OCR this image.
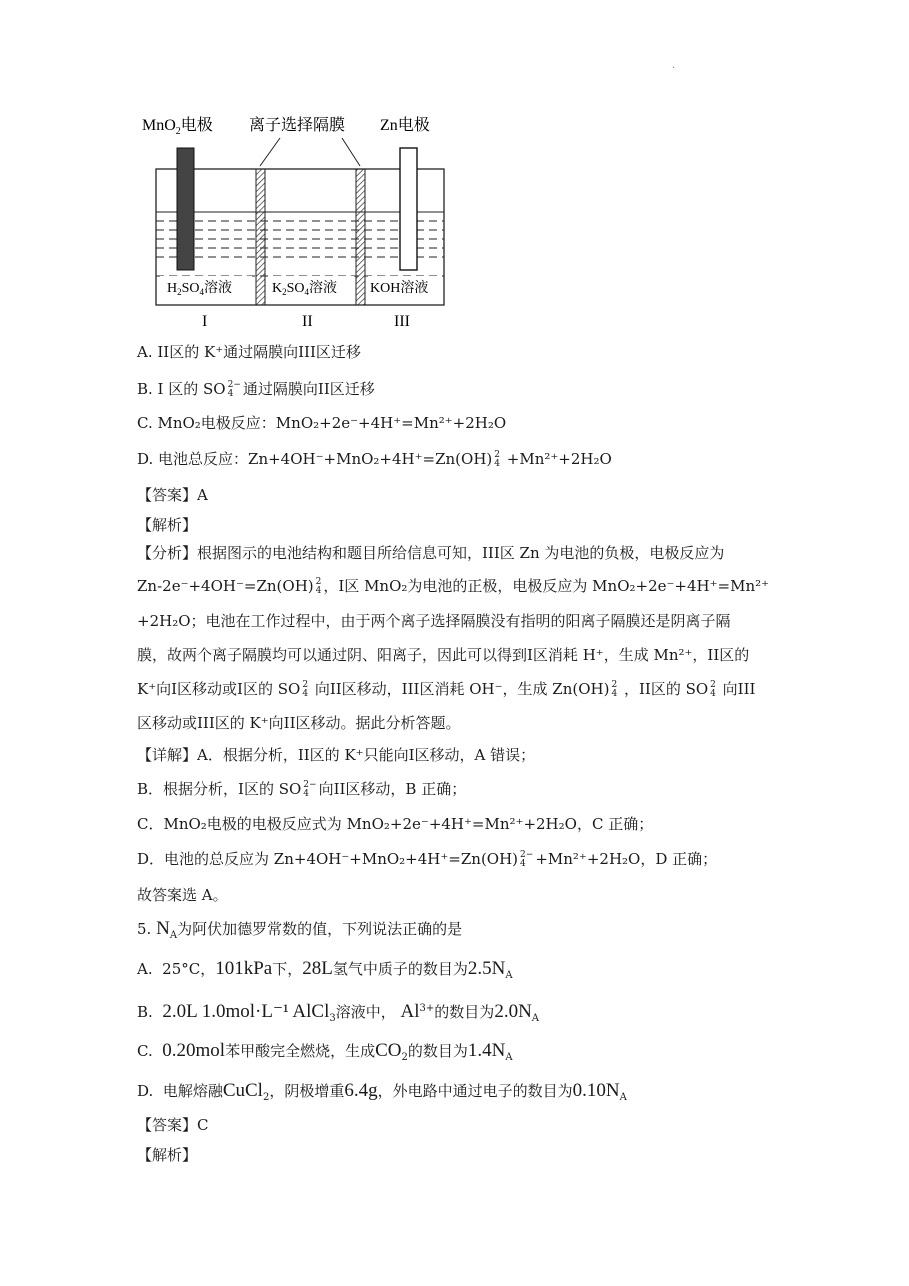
.
MnO$_2$电极 离子选择隔膜 Zn电极
$H_2SO_4$溶液	$K_2SO_4$溶液 KOH溶液
I	II	III
A. II区的 K⁺通过隔膜向III区迁移
B. I 区的 SO 2−
4 通过隔膜向II区迁移
C. MnO₂电极反应：MnO₂+2e⁻+4H⁺=Mn²⁺+2H₂O
D. 电池总反应：Zn+4OH⁻+MnO₂+4H⁺=Zn(OH) 2
4 +Mn²⁺+2H₂O
【答案】A
【解析】
【分析】根据图示的电池结构和题目所给信息可知，III区 Zn 为电池的负极，电极反应为
Zn-2e⁻+4OH⁻=Zn(OH) 2
4 ，I区 MnO₂为电池的正极，电极反应为 MnO₂+2e⁻+4H⁺=Mn²⁺
+2H₂O；电池在工作过程中，由于两个离子选择隔膜没有指明的阳离子隔膜还是阴离子隔
膜，故两个离子隔膜均可以通过阴、阳离子，因此可以得到I区消耗 H⁺，生成 Mn²⁺，II区的
K⁺向I区移动或I区的 SO 2
4 向II区移动，III区消耗 OH⁻，生成 Zn(OH) 2
4 ，II区的 SO 2
4 向III
区移动或III区的 K⁺向II区移动。据此分析答题。
【详解】A．根据分析，II区的 K⁺只能向I区移动，A 错误；
B．根据分析，I区的 SO 2−
4 向II区移动，B 正确；
C．MnO₂电极的电极反应式为 MnO₂+2e⁻+4H⁺=Mn²⁺+2H₂O，C 正确；
D．电池的总反应为 Zn+4OH⁻+MnO₂+4H⁺=Zn(OH) 2−
4 +Mn²⁺+2H₂O，D 正确；
故答案选 A。
5. $N_A$为阿伏加德罗常数的值，下列说法正确的是
A. 25°C，101kPa下，28L氢气中质子的数目为$2.5N_A$
B. 2.0L 1.0mol·L⁻¹ AlCl$_3$溶液中， $Al^{3+}$的数目为$2.0N_A$
C. 0.20mol苯甲酸完全燃烧，生成$CO_2$的数目为$1.4N_A$
D. 电解熔融CuCl$_2$，阴极增重6.4g，外电路中通过电子的数目为$0.10N_A$
【答案】C
【解析】
